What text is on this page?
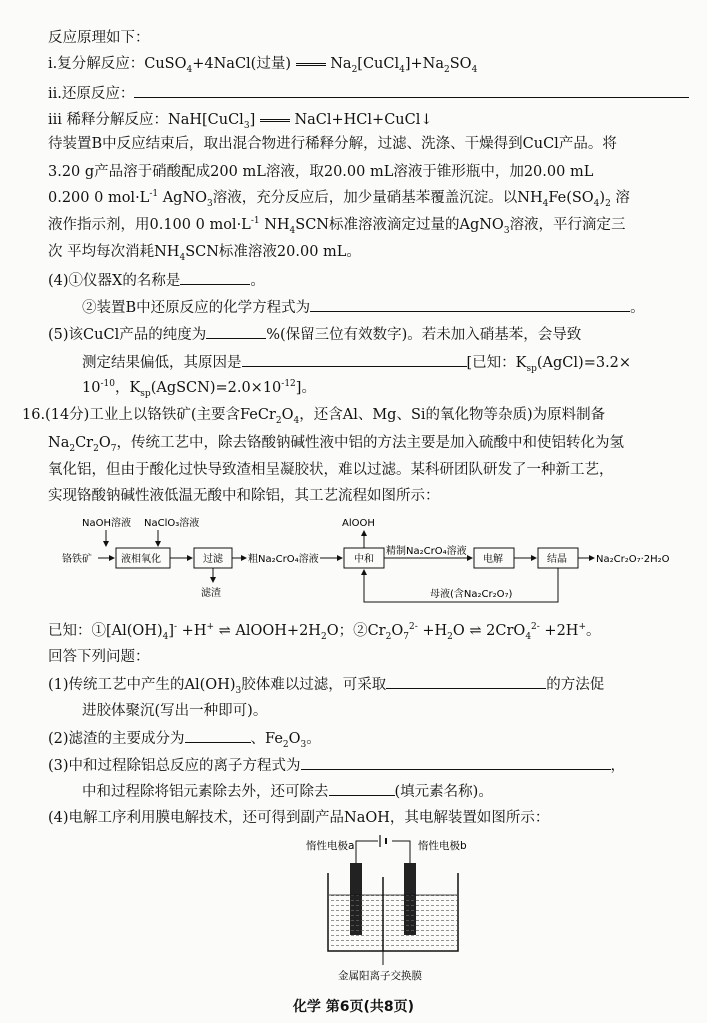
反应原理如下：
ⅰ.复分解反应：CuSO$_4$+4NaCl(过量)	$Na_2[CuCl_4]+Na_2SO_4$
ⅱ.还原反应：
ⅲ 稀释分解反应：NaH[CuCl$_3$]	NaCl+HCl+CuCl↓
待装置B中反应结束后，取出混合物进行稀释分解，过滤、洗涤、干燥得到CuCl产品。将
3.20 g产品溶于硝酸配成200 mL溶液，取20.00 mL溶液于锥形瓶中，加20.00 mL
0.200 0 $mol\cdot L^{-1}$ AgNO$_3$溶液，充分反应后，加少量硝基苯覆盖沉淀。以$NH_4Fe(SO_4)_2$ 溶
液作指示剂，用0.100 0 $mol\cdot L^{-1}$ $NH_4SCN$标准溶液滴定过量的AgNO$_3$溶液，平行滴定三
次 平均每次消耗$NH_4SCN$标准溶液20.00 mL。
(4)①仪器X的名称是	。
②装置B中还原反应的化学方程式为	。
(5)该CuCl产品的纯度为	%(保留三位有效数字)。若未加入硝基苯，会导致
测定结果偏低，其原因是	[已知：$K_{sp}(AgCl)=3.2\times$
$10^{-10}$，$K_{sp}(AgSCN)=2.0\times 10^{-12}$]。
16.(14分)工业上以铬铁矿(主要含$FeCr_2O_4$，还含Al、Mg、Si的氧化物等杂质)为原料制备
$Na_2Cr_2O_7$，传统工艺中，除去铬酸钠碱性液中铝的方法主要是加入硫酸中和使铝转化为氢
氧化铝，但由于酸化过快导致渣相呈凝胶状，难以过滤。某科研团队研发了一种新工艺，
实现铬酸钠碱性液低温无酸中和除铝，其工艺流程如图所示：
NaOH溶液 NaClO₃溶液
铬铁矿	液相氧化	过滤
滤渣
粗Na₂CrO₄溶液	中和
AlOOH
精制Na₂CrO₄溶液
电解	结晶	Na₂Cr₂O₇·2H₂O
母液(含Na₂Cr₂O₇)
已知：$①[Al(OH)_4]^- +H^+$ ⇌ $AlOOH+2H_2O$；$②Cr_2O_7^{2-} +H_2O$ ⇌ 2CrO$_4^{2-}$ +2H+。
回答下列问题：
(1)传统工艺中产生的$Al(OH)_3$胶体难以过滤，可采取	的方法促
进胶体聚沉(写出一种即可)。
(2)滤渣的主要成分为	、$Fe_2O_3$。
(3)中和过程除铝总反应的离子方程式为	，
中和过程除将铝元素除去外，还可除去	(填元素名称)。
(4)电解工序利用膜电解技术，还可得到副产品NaOH，其电解装置如图所示：
惰性电极a	惰性电极b
金属阳离子交换膜
化学 第6页(共8页)
